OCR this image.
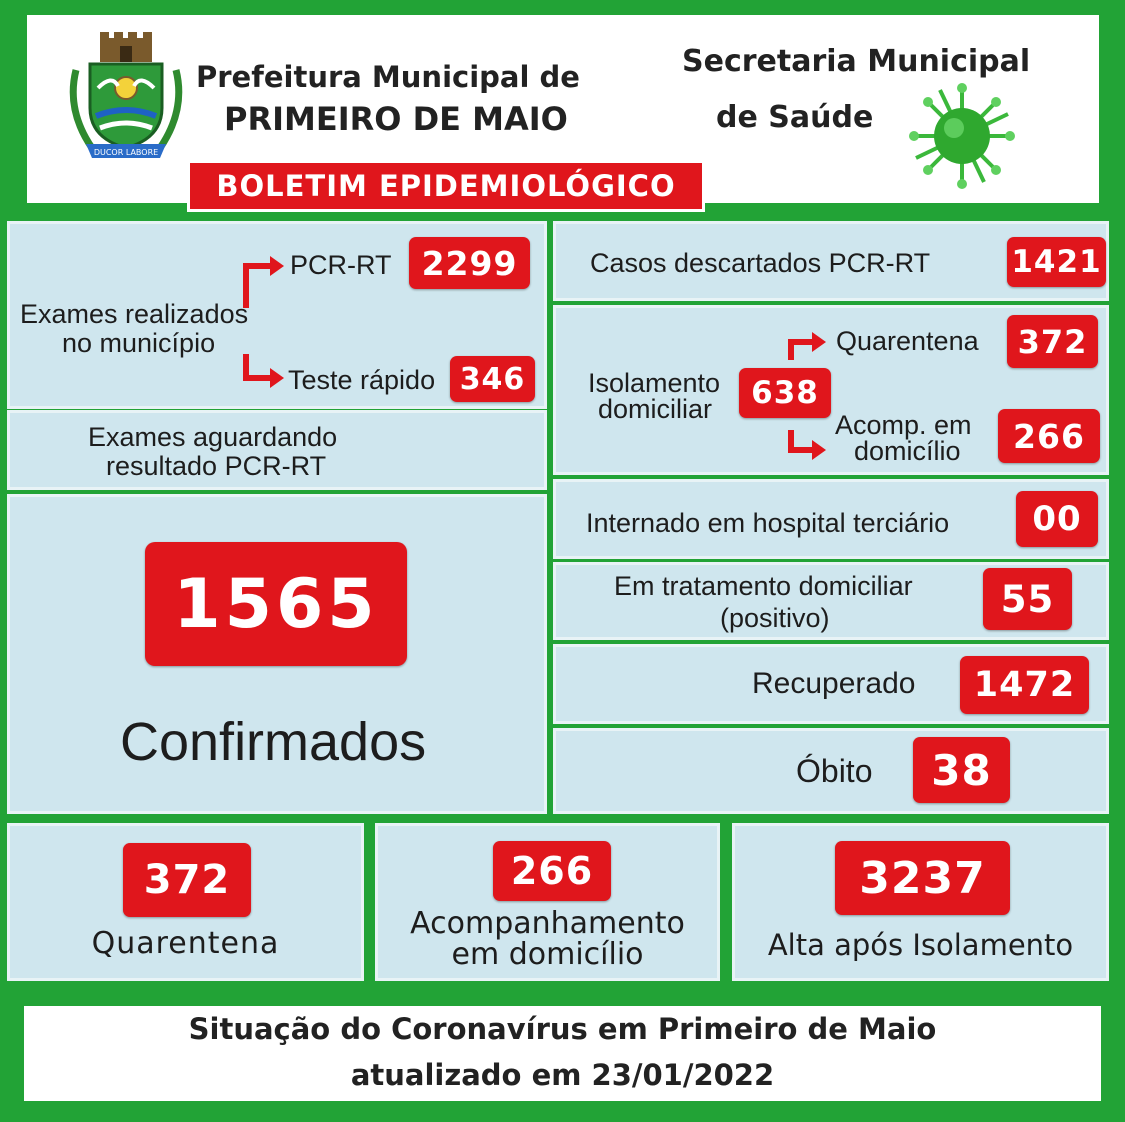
DUCOR LABORE
Prefeitura Municipal de
PRIMEIRO DE MAIO
Secretaria Municipal
de Saúde
BOLETIM EPIDEMIOLÓGICO
Exames realizados
no município
PCR-RT 2299
Teste rápido 346
Exames aguardando
resultado PCR-RT
1565
Confirmados
Casos descartados PCR-RT	1421
Isolamento
domiciliar	638
Quarentena	372
Acomp. em
domicílio	266
Internado em hospital terciário	00
Em tratamento domiciliar
(positivo)	55
Recuperado	1472
Óbito	38
372
Quarentena
266
Acompanhamento
em domicílio
3237
Alta após Isolamento
Situação do Coronavírus em Primeiro de Maio
atualizado em 23/01/2022
